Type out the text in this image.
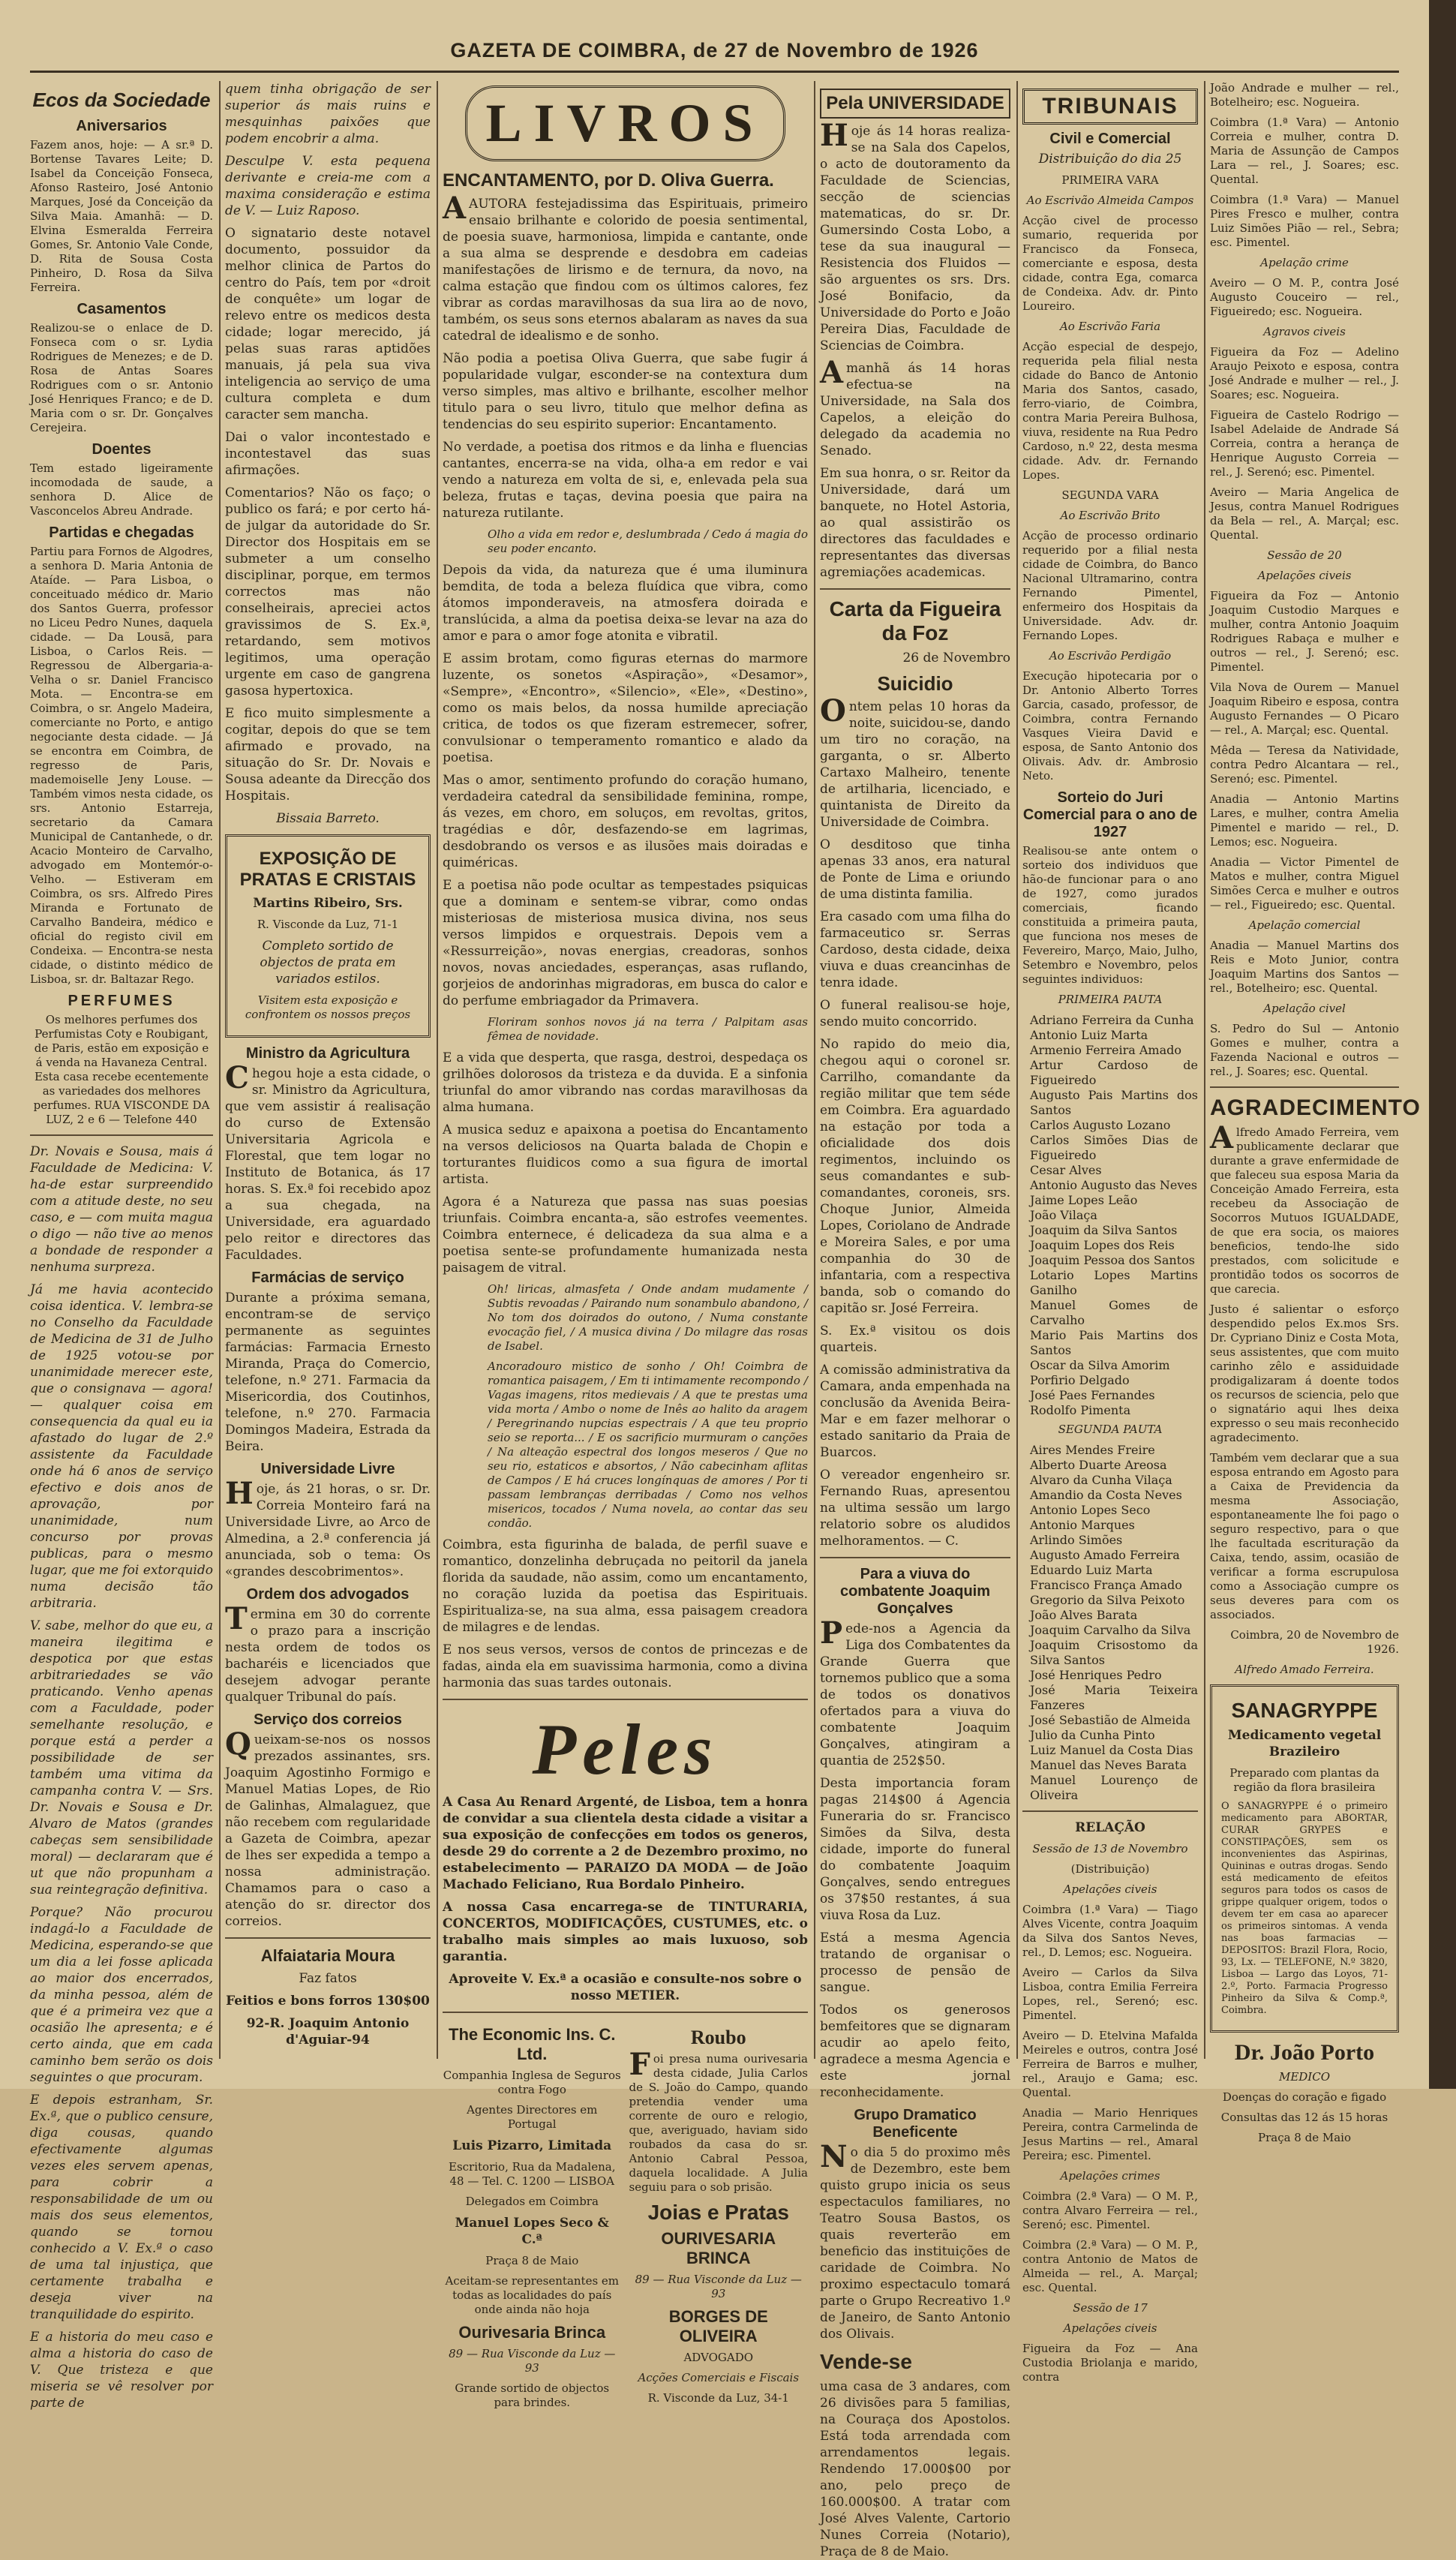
GAZETA DE COIMBRA, de 27 de Novembro de 1926
Ecos da Sociedade
Aniversarios

Fazem anos, hoje: — A sr.ª D. Bortense Tavares Leite; D. Isabel da Conceição Fonseca, Afonso Rasteiro, José Antonio Marques, José da Conceição da Silva Maia. Amanhã: — D. Elvina Esmeralda Ferreira Gomes, Sr. Antonio Vale Conde, D. Rita de Sousa Costa Pinheiro, D. Rosa da Silva Ferreira.

Casamentos

Realizou-se o enlace de D. Fonseca com o sr. Lydia Rodrigues de Menezes; e de D. Rosa de Antas Soares Rodrigues com o sr. Antonio José Henriques Franco; e de D. Maria com o sr. Dr. Gonçalves Cerejeira.

Doentes

Tem estado ligeiramente incomodada de saude, a senhora D. Alice de Vasconcelos Abreu Andrade.

Partidas e chegadas

Partiu para Fornos de Algodres, a senhora D. Maria Antonia de Ataíde. — Para Lisboa, o conceituado médico dr. Mario dos Santos Guerra, professor no Liceu Pedro Nunes, daquela cidade. — Da Lousã, para Lisboa, o Carlos Reis. — Regressou de Albergaria-a-Velha o sr. Daniel Francisco Mota. — Encontra-se em Coimbra, o sr. Angelo Madeira, comerciante no Porto, e antigo negociante desta cidade. — Já se encontra em Coimbra, de regresso de Paris, mademoiselle Jeny Louse. — Também vimos nesta cidade, os srs. Antonio Estarreja, secretario da Camara Municipal de Cantanhede, o dr. Acacio Monteiro de Carvalho, advogado em Montemór-o-Velho. — Estiveram em Coimbra, os srs. Alfredo Pires Miranda e Fortunato de Carvalho Bandeira, médico e oficial do registo civil em Condeixa. — Encontra-se nesta cidade, o distinto médico de Lisboa, sr. dr. Baltazar Rego.

PERFUMES

Os melhores perfumes dos Perfumistas Coty e Roubigant, de Paris, estão em exposição e á venda na Havaneza Central. Esta casa recebe ecentemente as variedades dos melhores perfumes. RUA VISCONDE DA LUZ, 2 e 6 — Telefone 440

Dr. Novais e Sousa, mais á Faculdade de Medicina: V. ha-de estar surpreendido com a atitude deste, no seu caso, e — com muita magua o digo — não tive ao menos a bondade de responder a nenhuma surpreza.

Já me havia acontecido coisa identica. V. lembra-se no Conselho da Faculdade de Medicina de 31 de Julho de 1925 votou-se por unanimidade merecer este, que o consignava — agora! — qualquer coisa em consequencia da qual eu ia afastado do lugar de 2.º assistente da Faculdade onde há 6 anos de serviço efectivo e dois anos de aprovação, por unanimidade, num concurso por provas publicas, para o mesmo lugar, que me foi extorquido numa decisão tão arbitraria.

V. sabe, melhor do que eu, a maneira ilegitima e despotica por que estas arbitrariedades se vão praticando. Venho apenas com a Faculdade, poder semelhante resolução, e porque está a perder a possibilidade de ser também uma vitima da campanha contra V. — Srs. Dr. Novais e Sousa e Dr. Alvaro de Matos (grandes cabeças sem sensibilidade moral) — declararam que é ut que não propunham a sua reintegração definitiva.

Porque? Não procurou indagá-lo a Faculdade de Medicina, esperando-se que um dia a lei fosse aplicada ao maior dos encerrados, da minha pessoa, além de que é a primeira vez que a ocasião lhe apresenta; e é certo ainda, que em cada caminho bem serão os dois seguintes o que procuram.

E depois estranham, Sr. Ex.ª, que o publico censure, diga cousas, quando efectivamente algumas vezes eles servem apenas, para cobrir a responsabilidade de um ou mais dos seus elementos, quando se tornou conhecido a V. Ex.ª o caso de uma tal injustiça, que certamente trabalha e deseja viver na tranquilidade do espirito.

E a historia do meu caso e alma a historia do caso de V. Que tristeza e que miseria se vê resolver por parte de

quem tinha obrigação de ser superior ás mais ruins e mesquinhas paixões que podem encobrir a alma.

Desculpe V. esta pequena derivante e creia-me com a maxima consideração e estima de V. — Luiz Raposo.

O signatario deste notavel documento, possuidor da melhor clinica de Partos do centro do País, tem por «droit de conquête» um logar de relevo entre os medicos desta cidade; logar merecido, já pelas suas raras aptidões manuais, já pela sua viva inteligencia ao serviço de uma cultura completa e dum caracter sem mancha.

Dai o valor incontestado e incontestavel das suas afirmações.

Comentarios? Não os faço; o publico os fará; e por certo há-de julgar da autoridade do Sr. Director dos Hospitais em se submeter a um conselho disciplinar, porque, em termos correctos mas não conselheirais, apreciei actos gravissimos de S. Ex.ª, retardando, sem motivos legitimos, uma operação urgente em caso de gangrena gasosa hypertoxica.

E fico muito simplesmente a cogitar, depois do que se tem afirmado e provado, na situação do Sr. Dr. Novais e Sousa adeante da Direcção dos Hospitais.

Bissaia Barreto.

EXPOSIÇÃO DE PRATAS E CRISTAIS

Martins Ribeiro, Srs.

R. Visconde da Luz, 71-1

Completo sortido de objectos de prata em variados estilos.

Visitem esta exposição e confrontem os nossos preços

Ministro da Agricultura

Chegou hoje a esta cidade, o sr. Ministro da Agricultura, que vem assistir á realisação do curso de Extensão Universitaria Agricola e Florestal, que tem logar no Instituto de Botanica, ás 17 horas. S. Ex.ª foi recebido apoz a sua chegada, na Universidade, era aguardado pelo reitor e directores das Faculdades.

Farmácias de serviço

Durante a próxima semana, encontram-se de serviço permanente as seguintes farmácias: Farmacia Ernesto Miranda, Praça do Comercio, telefone, n.º 271. Farmacia da Misericordia, dos Coutinhos, telefone, n.º 270. Farmacia Domingos Madeira, Estrada da Beira.

Universidade Livre

Hoje, ás 21 horas, o sr. Dr. Correia Monteiro fará na Universidade Livre, ao Arco de Almedina, a 2.ª conferencia já anunciada, sob o tema: Os «grandes descobrimentos».

Ordem dos advogados

Termina em 30 do corrente o prazo para a inscrição nesta ordem de todos os bacharéis e licenciados que desejem advogar perante qualquer Tribunal do país.

Serviço dos correios

Queixam-se-nos os nossos prezados assinantes, srs. Joaquim Agostinho Formigo e Manuel Matias Lopes, de Rio de Galinhas, Almalaguez, que não recebem com regularidade a Gazeta de Coimbra, apezar de lhes ser expedida a tempo a nossa administração. Chamamos para o caso a atenção do sr. director dos correios.

Alfaiataria Moura

Faz fatos

Feitios e bons forros 130$00

92-R. Joaquim Antonio d'Aguiar-94

LIVROS
ENCANTAMENTO, por D. Oliva Guerra.

AAUTORA festejadissima das Espirituais, primeiro ensaio brilhante e colorido de poesia sentimental, de poesia suave, harmoniosa, limpida e cantante, onde a sua alma se desprende e desdobra em cadeias manifestações de lirismo e de ternura, da novo, na calma estação que findou com os últimos calores, fez vibrar as cordas maravilhosas da sua lira ao de novo, também, os seus sons eternos abalaram as naves da sua catedral de idealismo e de sonho.

Não podia a poetisa Oliva Guerra, que sabe fugir á popularidade vulgar, esconder-se na contextura dum verso simples, mas altivo e brilhante, escolher melhor titulo para o seu livro, titulo que melhor defina as tendencias do seu espirito superior: Encantamento.

No verdade, a poetisa dos ritmos e da linha e fluencias cantantes, encerra-se na vida, olha-a em redor e vai vendo a natureza em volta de si, e, enlevada pela sua beleza, frutas e taças, devina poesia que paira na natureza rutilante.

Olho a vida em redor e, deslumbrada / Cedo á magia do seu poder encanto.

Depois da vida, da natureza que é uma iluminura bemdita, de toda a beleza fluídica que vibra, como átomos imponderaveis, na atmosfera doirada e translúcida, a alma da poetisa deixa-se levar na aza do amor e para o amor foge atonita e vibratil.

E assim brotam, como figuras eternas do marmore luzente, os sonetos «Aspiração», «Desamor», «Sempre», «Encontro», «Silencio», «Ele», «Destino», como os mais belos, da nossa humilde apreciação critica, de todos os que fizeram estremecer, sofrer, convulsionar o temperamento romantico e alado da poetisa.

Mas o amor, sentimento profundo do coração humano, verdadeira catedral da sensibilidade feminina, rompe, ás vezes, em choro, em soluços, em revoltas, gritos, tragédias e dôr, desfazendo-se em lagrimas, desdobrando os versos e as ilusões mais doiradas e quiméricas.

E a poetisa não pode ocultar as tempestades psiquicas que a dominam e sentem-se vibrar, como ondas misteriosas de misteriosa musica divina, nos seus versos limpidos e orquestrais. Depois vem a «Ressurreição», novas energias, creadoras, sonhos novos, novas anciedades, esperanças, asas ruflando, gorjeios de andorinhas migradoras, em busca do calor e do perfume embriagador da Primavera.

Floriram sonhos novos já na terra / Palpitam asas fêmea de novidade.

E a vida que desperta, que rasga, destroi, despedaça os grilhões dolorosos da tristeza e da duvida. E a sinfonia triunfal do amor vibrando nas cordas maravilhosas da alma humana.

A musica seduz e apaixona a poetisa do Encantamento na versos deliciosos na Quarta balada de Chopin e torturantes fluidicos como a sua figura de imortal artista.

Agora é a Natureza que passa nas suas poesias triunfais. Coimbra encanta-a, são estrofes veementes. Coimbra enternece, é delicadeza da sua alma e a poetisa sente-se profundamente humanizada nesta paisagem de vitral.

Oh! liricas, almasfeta / Onde andam mudamente / Subtis revoadas / Pairando num sonambulo abandono, / No tom dos doirados do outono, / Numa constante evocação fiel, / A musica divina / Do milagre das rosas de Isabel.

Ancoradouro mistico de sonho / Oh! Coimbra de romantica paisagem, / Em ti intimamente recompondo / Vagas imagens, ritos medievais / A que te prestas uma vida morta / Ambo o nome de Inês ao halito da aragem / Peregrinando nupcias espectrais / A que teu proprio seio se reporta... / E os sacrificio murmuram o canções / Na alteação espectral dos longos meseros / Que no seu rio, estaticos e absortos, / Não cabecinham aflitas de Campos / E há cruces longínquas de amores / Por ti passam lembranças derribadas / Como nos velhos misericos, tocados / Numa novela, ao contar das seu condão.

Coimbra, esta figurinha de balada, de perfil suave e romantico, donzelinha debruçada no peitoril da janela florida da saudade, não assim, como um encantamento, no coração luzida da poetisa das Espirituais. Espiritualiza-se, na sua alma, essa paisagem creadora de milagres e de lendas.

E nos seus versos, versos de contos de princezas e de fadas, ainda ela em suavissima harmonia, como a divina harmonia das suas tardes outonais.

Peles

A Casa Au Renard Argenté, de Lisboa, tem a honra de convidar a sua clientela desta cidade a visitar a sua exposição de confecções em todos os generos, desde 29 do corrente a 2 de Dezembro proximo, no estabelecimento — PARAIZO DA MODA — de João Machado Feliciano, Rua Bordalo Pinheiro.

A nossa Casa encarrega-se de TINTURARIA, CONCERTOS, MODIFICAÇÕES, CUSTUMES, etc. o trabalho mais simples ao mais luxuoso, sob garantia.

Aproveite V. Ex.ª a ocasião e consulte-nos sobre o nosso METIER.

The Economic Ins. C. Ltd.

Companhia Inglesa de Seguros contra Fogo

Agentes Directores em Portugal

Luis Pizarro, Limitada

Escritorio, Rua da Madalena, 48 — Tel. C. 1200 — LISBOA

Delegados em Coimbra

Manuel Lopes Seco & C.ª

Praça 8 de Maio

Aceitam-se representantes em todas as localidades do país onde ainda não hoja

Ourivesaria Brinca

89 — Rua Visconde da Luz — 93

Grande sortido de objectos para brindes.

Roubo

Foi presa numa ourivesaria desta cidade, Julia Carlos de S. João do Campo, quando pretendia vender uma corrente de ouro e relogio, que, averiguado, haviam sido roubados da casa do sr. Antonio Cabral Pessoa, daquela localidade. A Julia seguiu para o sob prisão.

Joias e Pratas
OURIVESARIA BRINCA

89 — Rua Visconde da Luz — 93

BORGES DE OLIVEIRA

ADVOGADO

Acções Comerciais e Fiscais

R. Visconde da Luz, 34-1

Pela UNIVERSIDADE

Hoje ás 14 horas realiza-se na Sala dos Capelos, o acto de doutoramento da Faculdade de Sciencias, secção de sciencias matematicas, do sr. Dr. Gumersindo Costa Lobo, a tese da sua inaugural — Resistencia dos Fluidos — são arguentes os srs. Drs. José Bonifacio, da Universidade do Porto e João Pereira Dias, Faculdade de Sciencias de Coimbra.

Amanhã ás 14 horas efectua-se na Universidade, na Sala dos Capelos, a eleição do delegado da academia no Senado.

Em sua honra, o sr. Reitor da Universidade, dará um banquete, no Hotel Astoria, ao qual assistirão os directores das faculdades e representantes das diversas agremiações academicas.

Carta da Figueira da Foz

26 de Novembro

Suicidio

Ontem pelas 10 horas da noite, suicidou-se, dando um tiro no coração, na garganta, o sr. Alberto Cartaxo Malheiro, tenente de artilharia, licenciado, e quintanista de Direito da Universidade de Coimbra.

O desditoso que tinha apenas 33 anos, era natural de Ponte de Lima e oriundo de uma distinta familia.

Era casado com uma filha do farmaceutico sr. Serras Cardoso, desta cidade, deixa viuva e duas creancinhas de tenra idade.

O funeral realisou-se hoje, sendo muito concorrido.

No rapido do meio dia, chegou aqui o coronel sr. Carrilho, comandante da região militar que tem séde em Coimbra. Era aguardado na estação por toda a oficialidade dos dois regimentos, incluindo os seus comandantes e sub-comandantes, coroneis, srs. Choque Junior, Almeida Lopes, Coriolano de Andrade e Moreira Sales, e por uma companhia do 30 de infantaria, com a respectiva banda, sob o comando do capitão sr. José Ferreira.

S. Ex.ª visitou os dois quarteis.

A comissão administrativa da Camara, anda empenhada na conclusão da Avenida Beira-Mar e em fazer melhorar o estado sanitario da Praia de Buarcos.

O vereador engenheiro sr. Fernando Ruas, apresentou na ultima sessão um largo relatorio sobre os aludidos melhoramentos. — C.

Para a viuva do combatente Joaquim Gonçalves

Pede-nos a Agencia da Liga dos Combatentes da Grande Guerra que tornemos publico que a soma de todos os donativos ofertados para a viuva do combatente Joaquim Gonçalves, atingiram a quantia de 252$50.

Desta importancia foram pagas 214$00 á Agencia Funeraria do sr. Francisco Simões da Silva, desta cidade, importe do funeral do combatente Joaquim Gonçalves, sendo entregues os 37$50 restantes, á sua viuva Rosa da Luz.

Está a mesma Agencia tratando de organisar o processo de pensão de sangue.

Todos os generosos bemfeitores que se dignaram acudir ao apelo feito, agradece a mesma Agencia e este jornal reconhecidamente.

Grupo Dramatico Beneficente

No dia 5 do proximo mês de Dezembro, este bem quisto grupo inicia os seus espectaculos familiares, no Teatro Sousa Bastos, os quais reverterão em beneficio das instituições de caridade de Coimbra. No proximo espectaculo tomará parte o Grupo Recreativo 1.º de Janeiro, de Santo Antonio dos Olivais.

Vende-se

uma casa de 3 andares, com 26 divisões para 5 familias, na Couraça dos Apostolos. Está toda arrendada com arrendamentos legais. Rendendo 17.000$00 por ano, pelo preço de 160.000$00. A tratar com José Alves Valente, Cartorio Nunes Correia (Notario), Praça de 8 de Maio.

TRIBUNAIS
Civil e Comercial

Distribuição do dia 25

PRIMEIRA VARA

Ao Escrivão Almeida Campos

Acção civel de processo sumario, requerida por Francisco da Fonseca, comerciante e esposa, desta cidade, contra Ega, comarca de Condeixa. Adv. dr. Pinto Loureiro.

Ao Escrivão Faria

Acção especial de despejo, requerida pela filial nesta cidade do Banco de Antonio Maria dos Santos, casado, ferro-viario, de Coimbra, contra Maria Pereira Bulhosa, viuva, residente na Rua Pedro Cardoso, n.º 22, desta mesma cidade. Adv. dr. Fernando Lopes.

SEGUNDA VARA

Ao Escrivão Brito

Acção de processo ordinario requerido por a filial nesta cidade de Coimbra, do Banco Nacional Ultramarino, contra Fernando Pimentel, enfermeiro dos Hospitais da Universidade. Adv. dr. Fernando Lopes.

Ao Escrivão Perdigão

Execução hipotecaria por o Dr. Antonio Alberto Torres Garcia, casado, professor, de Coimbra, contra Fernando Vasques Vieira David e esposa, de Santo Antonio dos Olivais. Adv. dr. Ambrosio Neto.

Sorteio do Juri Comercial para o ano de 1927

Realisou-se ante ontem o sorteio dos individuos que hão-de funcionar para o ano de 1927, como jurados comerciais, ficando constituida a primeira pauta, que funciona nos meses de Fevereiro, Março, Maio, Julho, Setembro e Novembro, pelos seguintes individuos:

PRIMEIRA PAUTA

Adriano Ferreira da Cunha

Antonio Luiz Marta

Armenio Ferreira Amado

Artur Cardoso de Figueiredo

Augusto Pais Martins dos Santos

Carlos Augusto Lozano

Carlos Simões Dias de Figueiredo

Cesar Alves

Antonio Augusto das Neves

Jaime Lopes Leão

João Vilaça

Joaquim da Silva Santos

Joaquim Lopes dos Reis

Joaquim Pessoa dos Santos

Lotario Lopes Martins Ganilho

Manuel Gomes de Carvalho

Mario Pais Martins dos Santos

Oscar da Silva Amorim

Porfirio Delgado

José Paes Fernandes

Rodolfo Pimenta

SEGUNDA PAUTA

Aires Mendes Freire

Alberto Duarte Areosa

Alvaro da Cunha Vilaça

Amandio da Costa Neves

Antonio Lopes Seco

Antonio Marques

Arlindo Simões

Augusto Amado Ferreira

Eduardo Luiz Marta

Francisco França Amado

Gregorio da Silva Peixoto

João Alves Barata

Joaquim Carvalho da Silva

Joaquim Crisostomo da Silva Santos

José Henriques Pedro

José Maria Teixeira Fanzeres

José Sebastião de Almeida

Julio da Cunha Pinto

Luiz Manuel da Costa Dias

Manuel das Neves Barata

Manuel Lourenço de Oliveira

RELAÇÃO

Sessão de 13 de Novembro

(Distribuição)

Apelações civeis

Coimbra (1.ª Vara) — Tiago Alves Vicente, contra Joaquim da Silva dos Santos Neves, rel., D. Lemos; esc. Nogueira.

Aveiro — Carlos da Silva Lisboa, contra Emilia Ferreira Lopes, rel., Serenó; esc. Pimentel.

Aveiro — D. Etelvina Mafalda Meireles e outros, contra José Ferreira de Barros e mulher, rel., Araujo e Gama; esc. Quental.

Anadia — Mario Henriques Pereira, contra Carmelinda de Jesus Martins — rel., Amaral Pereira; esc. Pimentel.

Apelações crimes

Coimbra (2.ª Vara) — O M. P., contra Alvaro Ferreira — rel., Serenó; esc. Pimentel.

Coimbra (2.ª Vara) — O M. P., contra Antonio de Matos de Almeida — rel., A. Marçal; esc. Quental.

Sessão de 17

Apelações civeis

Figueira da Foz — Ana Custodia Briolanja e marido, contra

João Andrade e mulher — rel., Botelheiro; esc. Nogueira.

Coimbra (1.ª Vara) — Antonio Correia e mulher, contra D. Maria de Assunção de Campos Lara — rel., J. Soares; esc. Quental.

Coimbra (1.ª Vara) — Manuel Pires Fresco e mulher, contra Luiz Simões Pião — rel., Sebra; esc. Pimentel.

Apelação crime

Aveiro — O M. P., contra José Augusto Couceiro — rel., Figueiredo; esc. Nogueira.

Agravos civeis

Figueira da Foz — Adelino Araujo Peixoto e esposa, contra José Andrade e mulher — rel., J. Soares; esc. Nogueira.

Figueira de Castelo Rodrigo — Isabel Adelaide de Andrade Sá Correia, contra a herança de Henrique Augusto Correia — rel., J. Serenó; esc. Pimentel.

Aveiro — Maria Angelica de Jesus, contra Manuel Rodrigues da Bela — rel., A. Marçal; esc. Quental.

Sessão de 20

Apelações civeis

Figueira da Foz — Antonio Joaquim Custodio Marques e mulher, contra Antonio Joaquim Rodrigues Rabaça e mulher e outros — rel., J. Serenó; esc. Pimentel.

Vila Nova de Ourem — Manuel Joaquim Ribeiro e esposa, contra Augusto Fernandes — O Picaro — rel., A. Marçal; esc. Quental.

Mêda — Teresa da Natividade, contra Pedro Alcantara — rel., Serenó; esc. Pimentel.

Anadia — Antonio Martins Lares, e mulher, contra Amelia Pimentel e marido — rel., D. Lemos; esc. Nogueira.

Anadia — Victor Pimentel de Matos e mulher, contra Miguel Simões Cerca e mulher e outros — rel., Figueiredo; esc. Quental.

Apelação comercial

Anadia — Manuel Martins dos Reis e Moto Junior, contra Joaquim Martins dos Santos — rel., Botelheiro; esc. Quental.

Apelação civel

S. Pedro do Sul — Antonio Gomes e mulher, contra a Fazenda Nacional e outros — rel., J. Soares; esc. Quental.

AGRADECIMENTO

Alfredo Amado Ferreira, vem publicamente declarar que durante a grave enfermidade de que faleceu sua esposa Maria da Conceição Amado Ferreira, esta recebeu da Associação de Socorros Mutuos IGUALDADE, de que era socia, os maiores beneficios, tendo-lhe sido prestados, com solicitude e prontidão todos os socorros de que carecia.

Justo é salientar o esforço despendido pelos Ex.mos Srs. Dr. Cypriano Diniz e Costa Mota, seus assistentes, que com muito carinho zêlo e assiduidade prodigalizaram á doente todos os recursos de sciencia, pelo que o signatário aqui lhes deixa expresso o seu mais reconhecido agradecimento.

Também vem declarar que a sua esposa entrando em Agosto para a Caixa de Previdencia da mesma Associação, espontaneamente lhe foi pago o seguro respectivo, para o que lhe facultada escrituração da Caixa, tendo, assim, ocasião de verificar a forma escrupulosa como a Associação cumpre os seus deveres para com os associados.

Coimbra, 20 de Novembro de 1926.

Alfredo Amado Ferreira.

SANAGRYPPE

Medicamento vegetal Brazileiro

Preparado com plantas da região da flora brasileira

O SANAGRYPPE é o primeiro medicamento para ABORTAR, CURAR GRYPES e CONSTIPAÇÕES, sem os inconvenientes das Aspirinas, Quininas e outras drogas. Sendo está medicamento de efeitos seguros para todos os casos de grippe qualquer origem, todos o devem ter em casa ao aparecer os primeiros sintomas. A venda nas boas farmacias — DEPOSITOS: Brazil Flora, Rocio, 93, Lx. — TELEFONE, N.º 3820, Lisboa — Largo das Loyos, 71-2.º, Porto. Farmacia Progresso Pinheiro da Silva & Comp.ª, Coimbra.

Dr. João Porto

MEDICO

Doenças do coração e figado

Consultas das 12 ás 15 horas

Praça 8 de Maio
